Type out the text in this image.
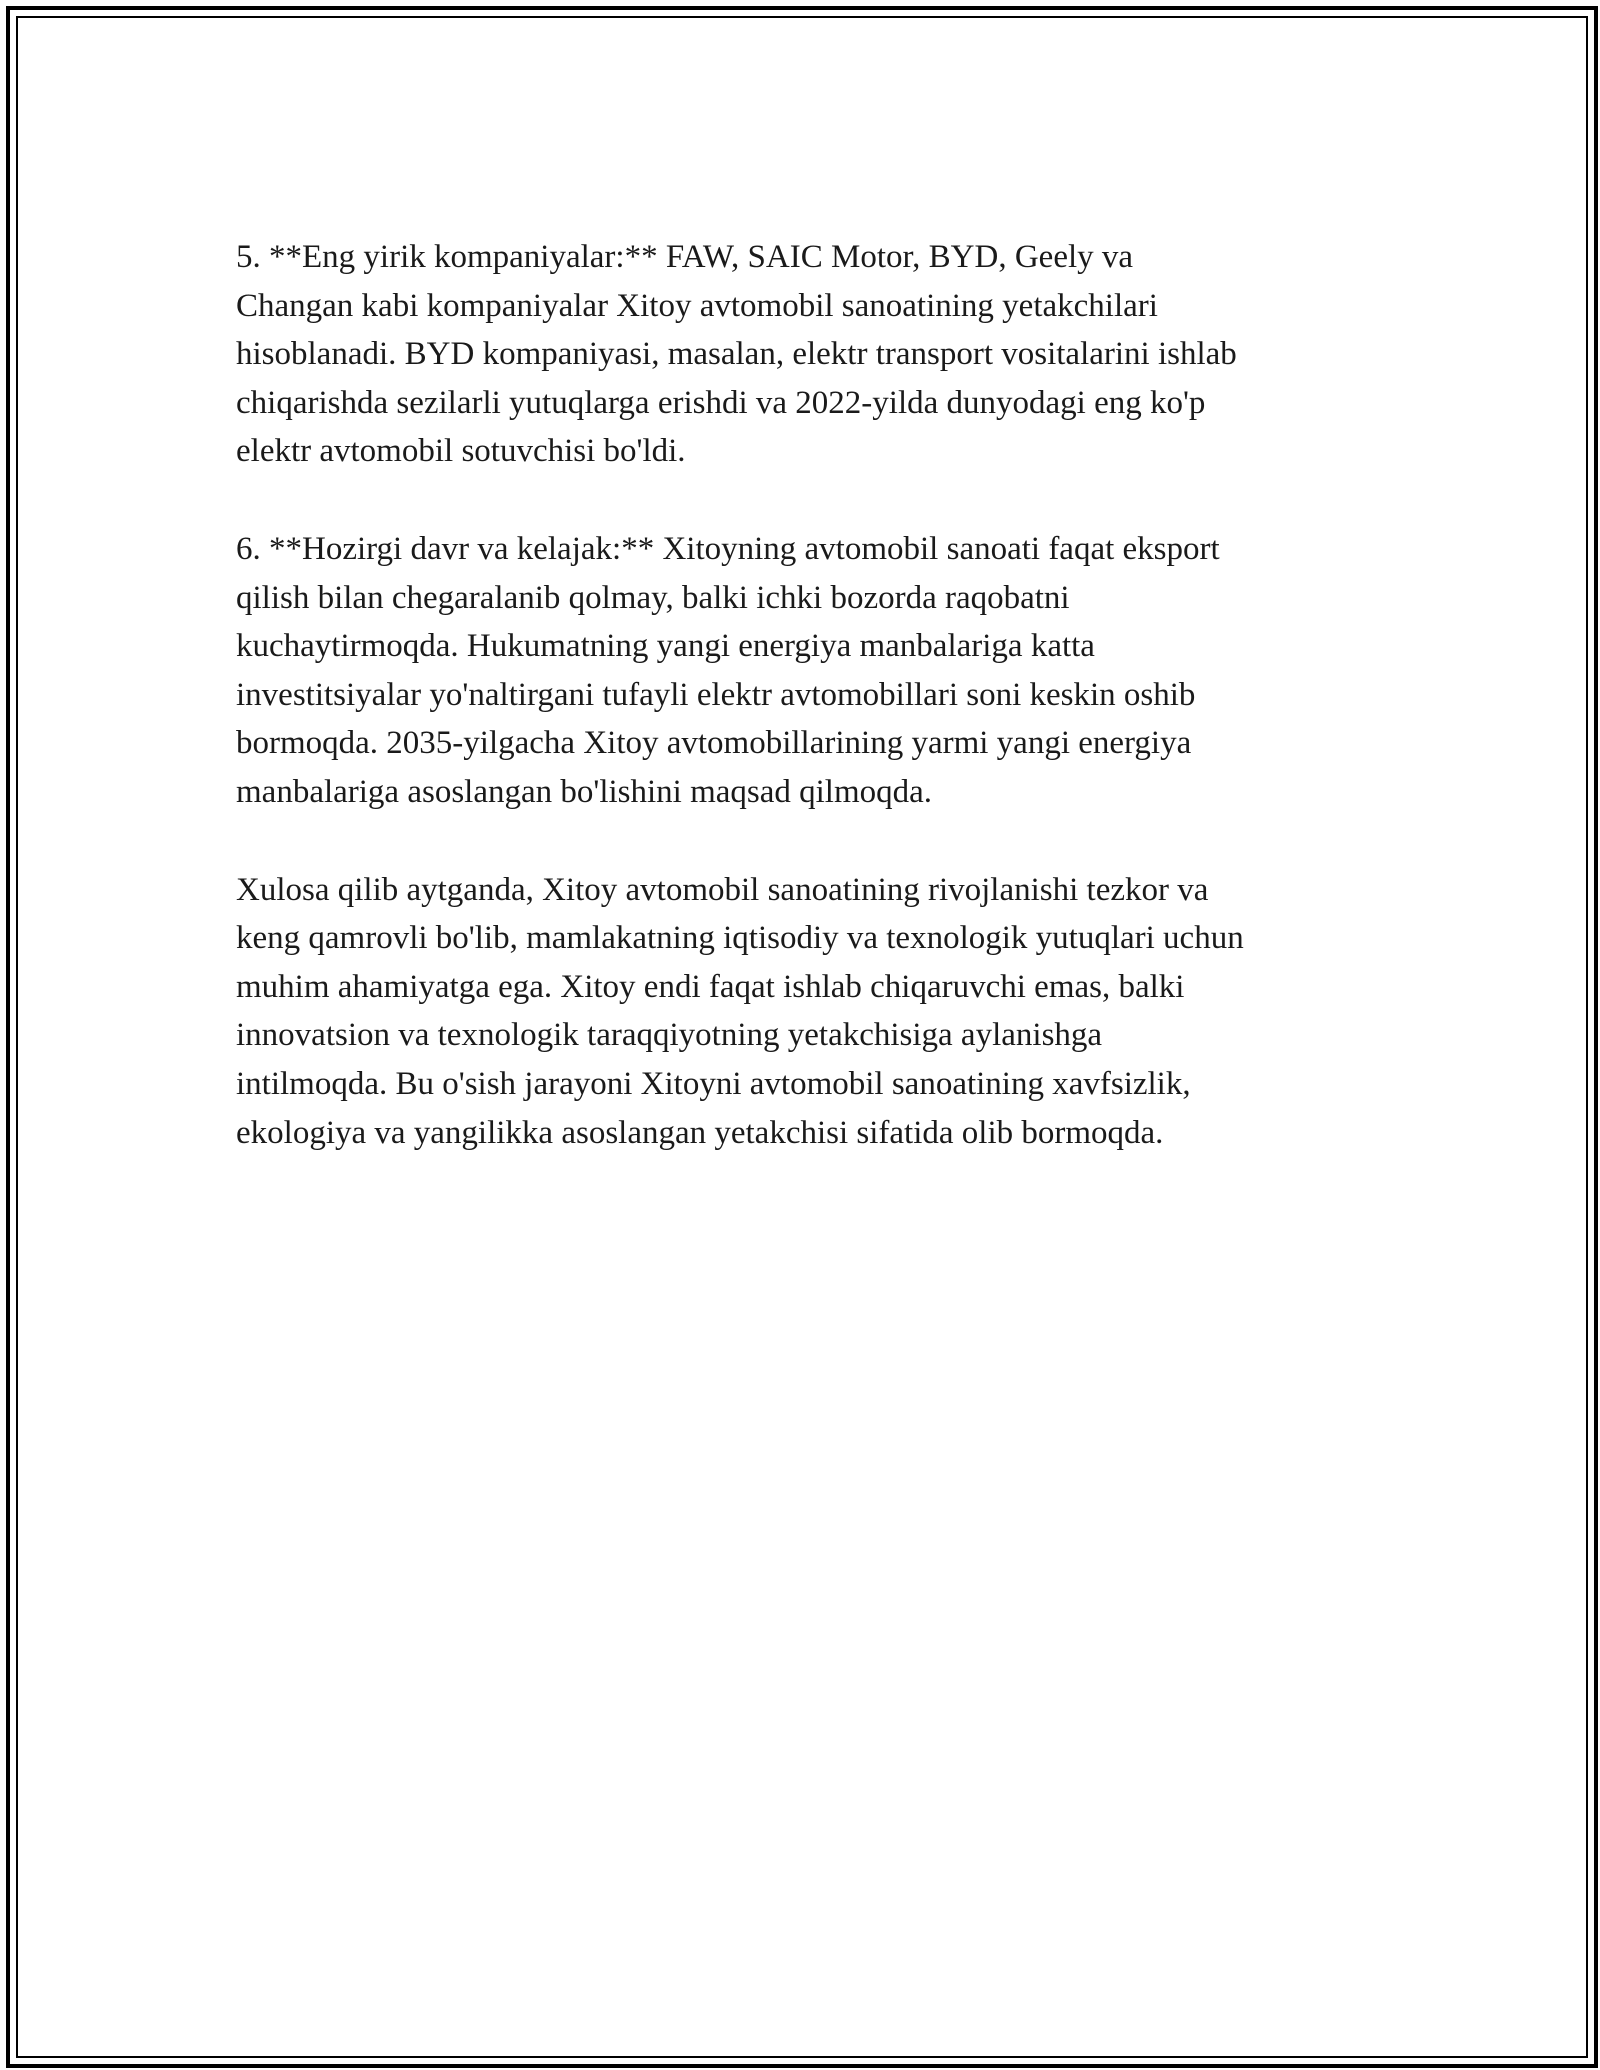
5. **Eng yirik kompaniyalar:** FAW, SAIC Motor, BYD, Geely va
Changan kabi kompaniyalar Xitoy avtomobil sanoatining yetakchilari
hisoblanadi. BYD kompaniyasi, masalan, elektr transport vositalarini ishlab
chiqarishda sezilarli yutuqlarga erishdi va 2022-yilda dunyodagi eng ko'p
elektr avtomobil sotuvchisi bo'ldi.

6. **Hozirgi davr va kelajak:** Xitoyning avtomobil sanoati faqat eksport
qilish bilan chegaralanib qolmay, balki ichki bozorda raqobatni
kuchaytirmoqda. Hukumatning yangi energiya manbalariga katta
investitsiyalar yo'naltirgani tufayli elektr avtomobillari soni keskin oshib
bormoqda. 2035-yilgacha Xitoy avtomobillarining yarmi yangi energiya
manbalariga asoslangan bo'lishini maqsad qilmoqda.

Xulosa qilib aytganda, Xitoy avtomobil sanoatining rivojlanishi tezkor va
keng qamrovli bo'lib, mamlakatning iqtisodiy va texnologik yutuqlari uchun
muhim ahamiyatga ega. Xitoy endi faqat ishlab chiqaruvchi emas, balki
innovatsion va texnologik taraqqiyotning yetakchisiga aylanishga
intilmoqda. Bu o'sish jarayoni Xitoyni avtomobil sanoatining xavfsizlik,
ekologiya va yangilikka asoslangan yetakchisi sifatida olib bormoqda.
